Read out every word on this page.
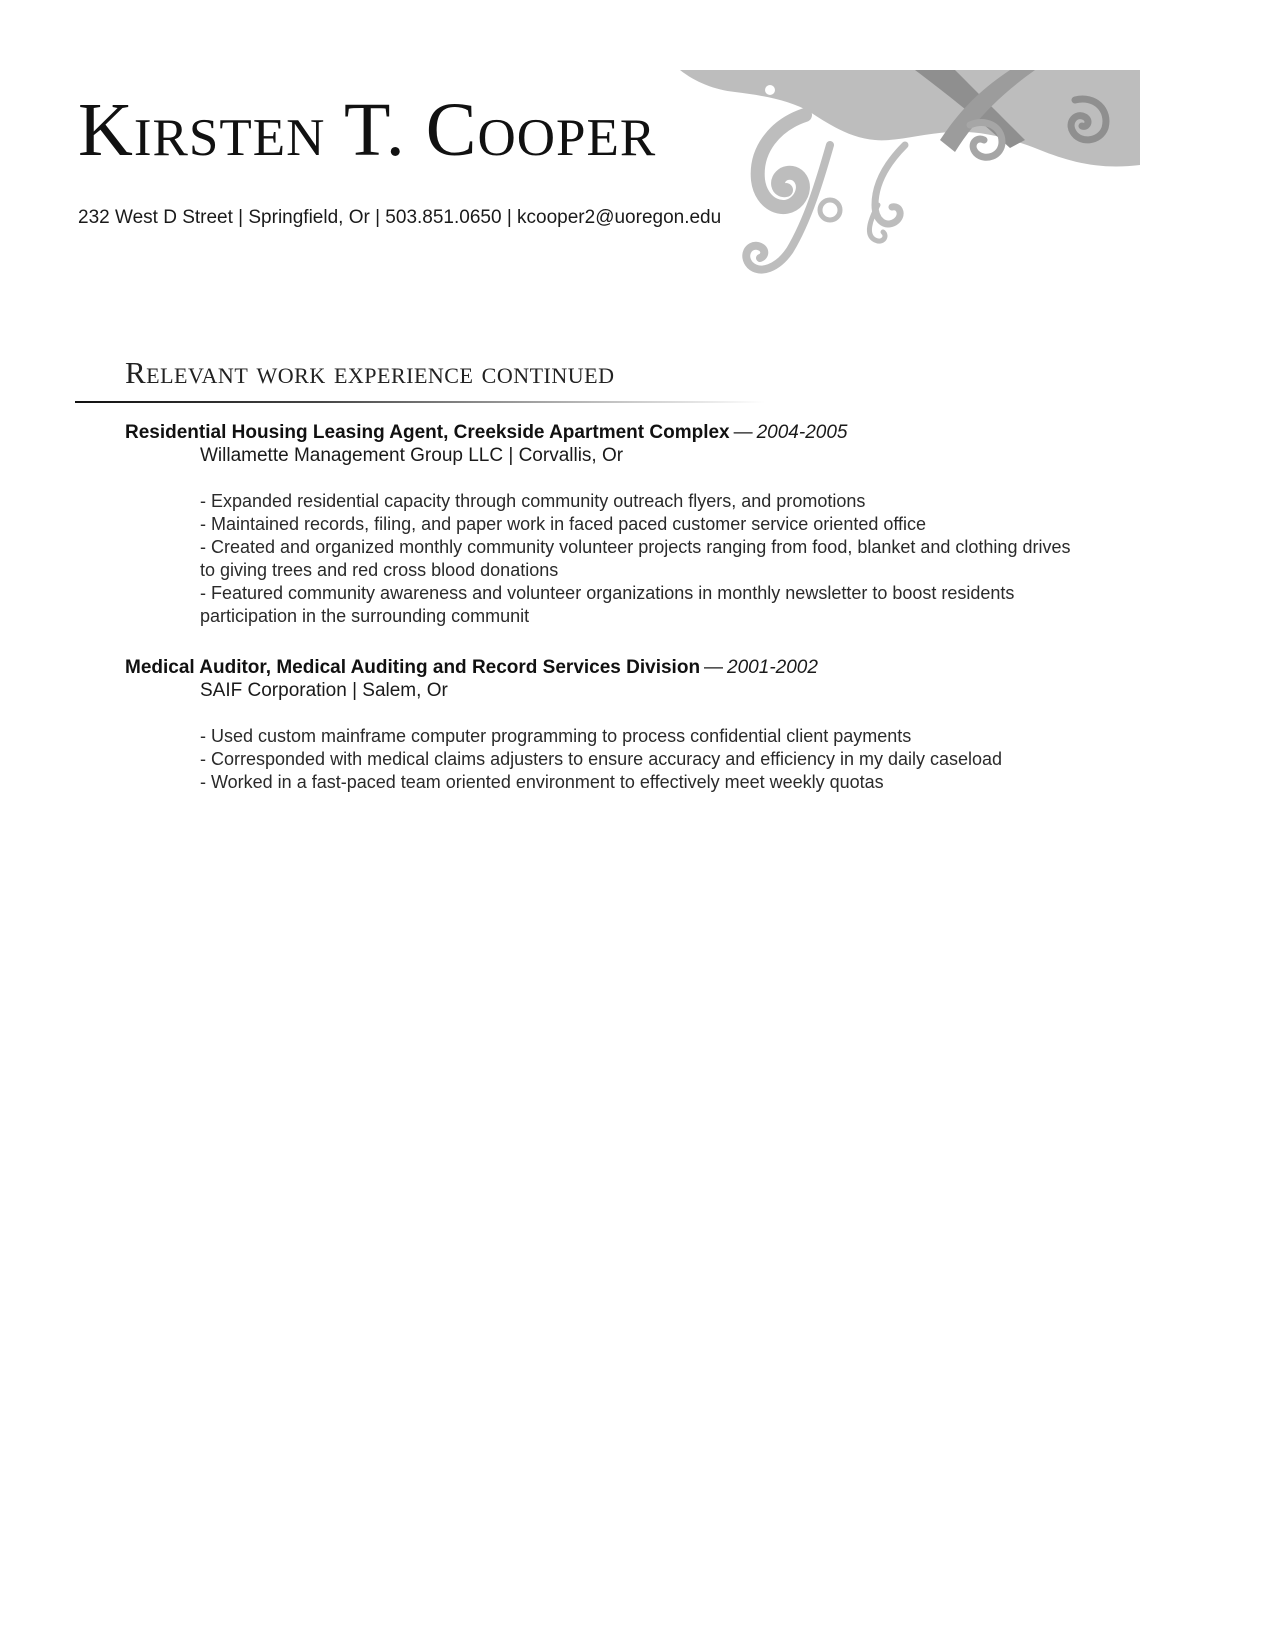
Kirsten T. Cooper
232 West D Street | Springfield, Or | 503.851.0650 | kcooper2@uoregon.edu
Relevant work experience continued
Residential Housing Leasing Agent, Creekside Apartment Complex — 2004-2005
Willamette Management Group LLC | Corvallis, Or
- Expanded residential capacity through community outreach flyers, and promotions
- Maintained records, filing, and paper work in faced paced customer service oriented office
- Created and organized monthly community volunteer projects ranging from food, blanket and clothing drives to giving trees and red cross blood donations
- Featured community awareness and volunteer organizations in monthly newsletter to boost residents participation in the surrounding communit
Medical Auditor, Medical Auditing and Record Services Division — 2001-2002
SAIF Corporation | Salem, Or
- Used custom mainframe computer programming to process confidential client payments
- Corresponded with medical claims adjusters to ensure accuracy and efficiency in my daily caseload
- Worked in a fast-paced team oriented environment to effectively meet weekly quotas
